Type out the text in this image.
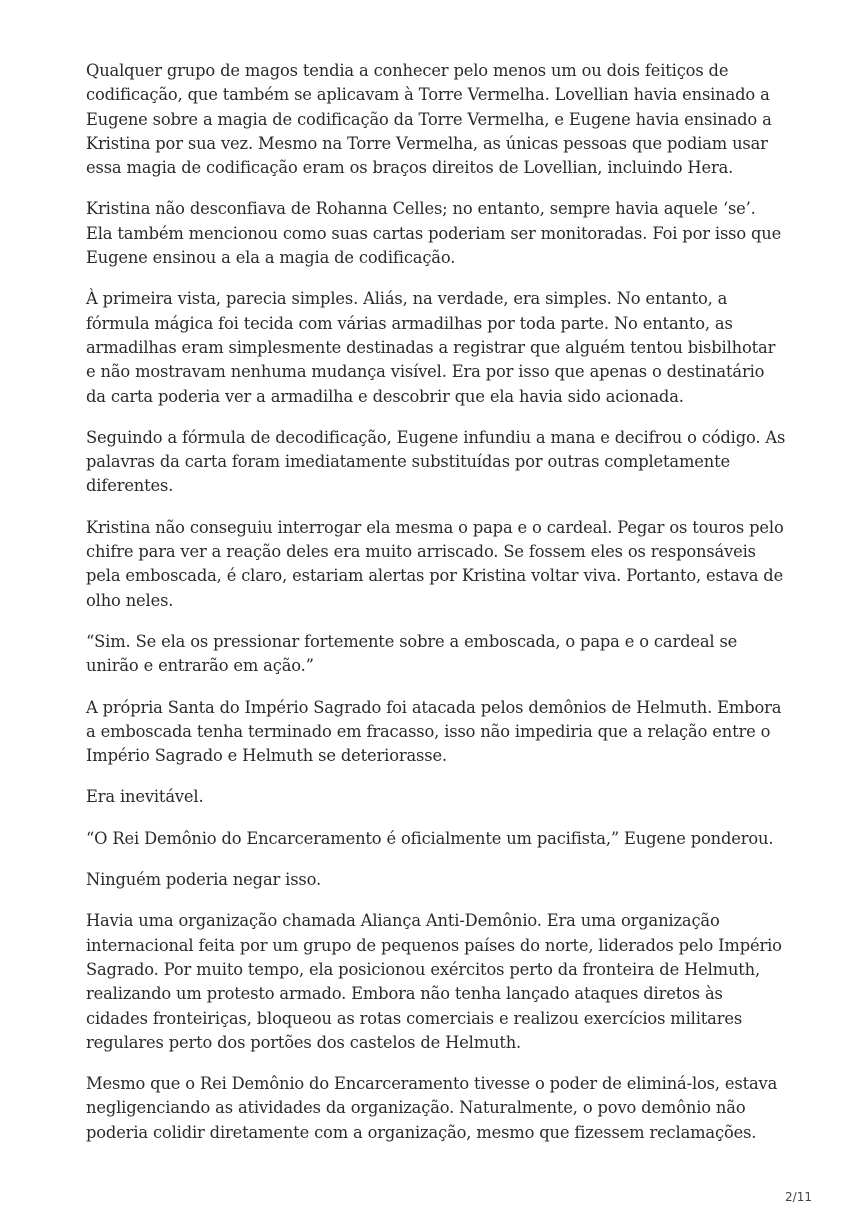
Qualquer grupo de magos tendia a conhecer pelo menos um ou dois feitiços de codificação, que também se aplicavam à Torre Vermelha. Lovellian havia ensinado a Eugene sobre a magia de codificação da Torre Vermelha, e Eugene havia ensinado a Kristina por sua vez. Mesmo na Torre Vermelha, as únicas pessoas que podiam usar essa magia de codificação eram os braços direitos de Lovellian, incluindo Hera.

Kristina não desconfiava de Rohanna Celles; no entanto, sempre havia aquele ‘se’. Ela também mencionou como suas cartas poderiam ser monitoradas. Foi por isso que Eugene ensinou a ela a magia de codificação.

À primeira vista, parecia simples. Aliás, na verdade, era simples. No entanto, a fórmula mágica foi tecida com várias armadilhas por toda parte. No entanto, as armadilhas eram simplesmente destinadas a registrar que alguém tentou bisbilhotar e não mostravam nenhuma mudança visível. Era por isso que apenas o destinatário da carta poderia ver a armadilha e descobrir que ela havia sido acionada.

Seguindo a fórmula de decodificação, Eugene infundiu a mana e decifrou o código. As palavras da carta foram imediatamente substituídas por outras completamente diferentes.

Kristina não conseguiu interrogar ela mesma o papa e o cardeal. Pegar os touros pelo chifre para ver a reação deles era muito arriscado. Se fossem eles os responsáveis pela emboscada, é claro, estariam alertas por Kristina voltar viva. Portanto, estava de olho neles.

“Sim. Se ela os pressionar fortemente sobre a emboscada, o papa e o cardeal se unirão e entrarão em ação.”

A própria Santa do Império Sagrado foi atacada pelos demônios de Helmuth. Embora a emboscada tenha terminado em fracasso, isso não impediria que a relação entre o Império Sagrado e Helmuth se deteriorasse.

Era inevitável.

“O Rei Demônio do Encarceramento é oficialmente um pacifista,” Eugene ponderou.

Ninguém poderia negar isso.

Havia uma organização chamada Aliança Anti-Demônio. Era uma organização internacional feita por um grupo de pequenos países do norte, liderados pelo Império Sagrado. Por muito tempo, ela posicionou exércitos perto da fronteira de Helmuth, realizando um protesto armado. Embora não tenha lançado ataques diretos às cidades fronteiriças, bloqueou as rotas comerciais e realizou exercícios militares regulares perto dos portões dos castelos de Helmuth.

Mesmo que o Rei Demônio do Encarceramento tivesse o poder de eliminá-los, estava negligenciando as atividades da organização. Naturalmente, o povo demônio não poderia colidir diretamente com a organização, mesmo que fizessem reclamações.

2/11
